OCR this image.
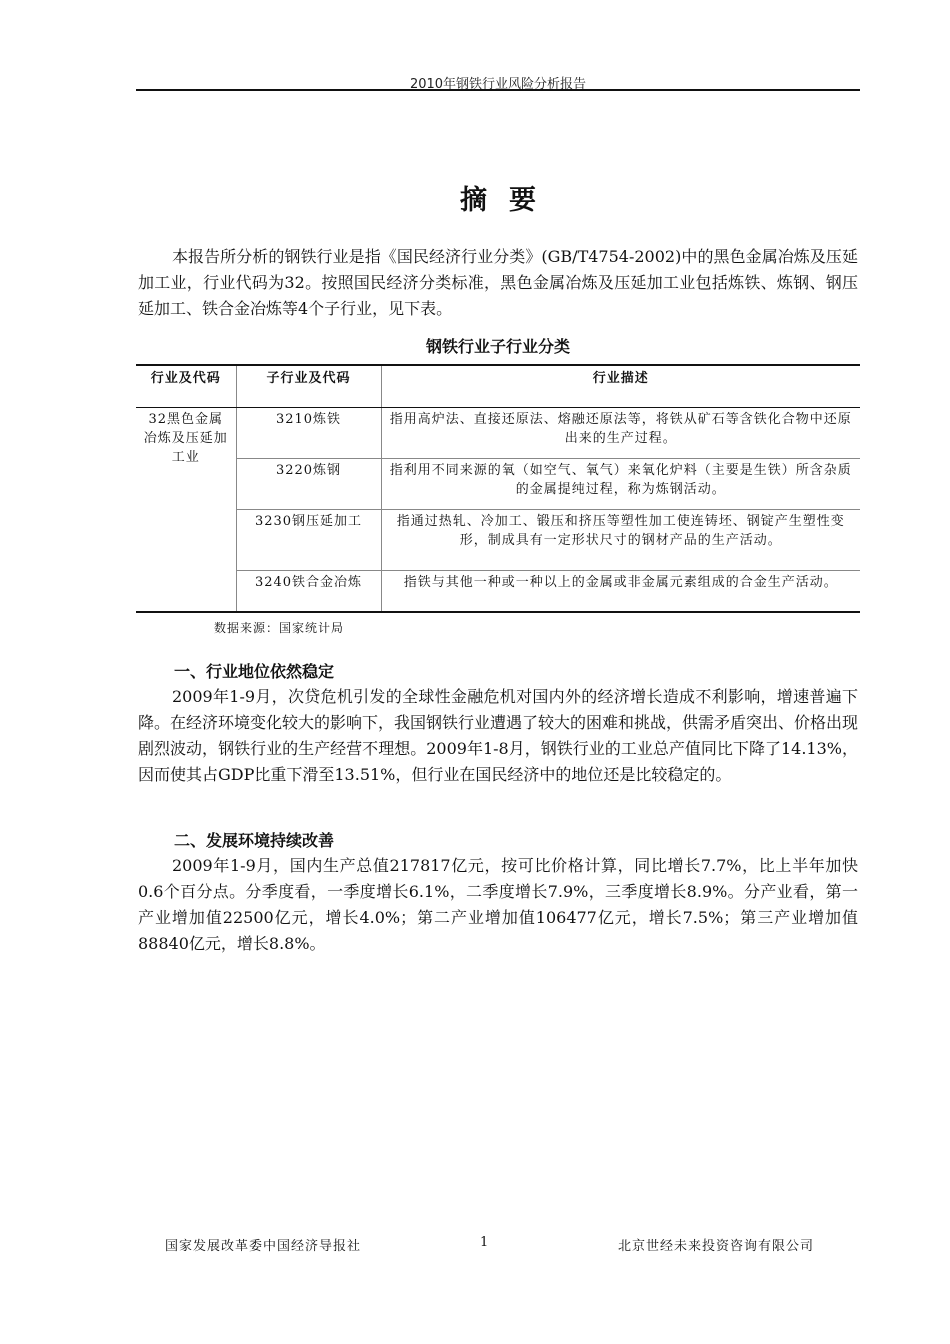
2010年钢铁行业风险分析报告
摘要

本报告所分析的钢铁行业是指《国民经济行业分类》(GB/T4754-2002)中的黑色金属冶炼及压延加工业，行业代码为32。按照国民经济分类标准，黑色金属冶炼及压延加工业包括炼铁、炼钢、钢压延加工、铁合金冶炼等4个子行业，见下表。

钢铁行业子行业分类
行业及代码	子行业及代码	行业描述
32黑色金属冶炼及压延加工业	3210炼铁	指用高炉法、直接还原法、熔融还原法等，将铁从矿石等含铁化合物中还原出来的生产过程。
	3220炼钢	指利用不同来源的氧（如空气、氧气）来氧化炉料（主要是生铁）所含杂质的金属提纯过程，称为炼钢活动。
	3230钢压延加工	指通过热轧、冷加工、锻压和挤压等塑性加工使连铸坯、钢锭产生塑性变形，制成具有一定形状尺寸的钢材产品的生产活动。
	3240铁合金冶炼	指铁与其他一种或一种以上的金属或非金属元素组成的合金生产活动。
数据来源：国家统计局
一、行业地位依然稳定

2009年1-9月，次贷危机引发的全球性金融危机对国内外的经济增长造成不利影响，增速普遍下降。在经济环境变化较大的影响下，我国钢铁行业遭遇了较大的困难和挑战，供需矛盾突出、价格出现剧烈波动，钢铁行业的生产经营不理想。2009年1-8月，钢铁行业的工业总产值同比下降了14.13%，因而使其占GDP比重下滑至13.51%，但行业在国民经济中的地位还是比较稳定的。

二、发展环境持续改善

2009年1-9月，国内生产总值217817亿元，按可比价格计算，同比增长7.7%，比上半年加快0.6个百分点。分季度看，一季度增长6.1%，二季度增长7.9%，三季度增长8.9%。分产业看，第一产业增加值22500亿元，增长4.0%；第二产业增加值106477亿元，增长7.5%；第三产业增加值88840亿元，增长8.8%。

国家发展改革委中国经济导报社	1	北京世经未来投资咨询有限公司
